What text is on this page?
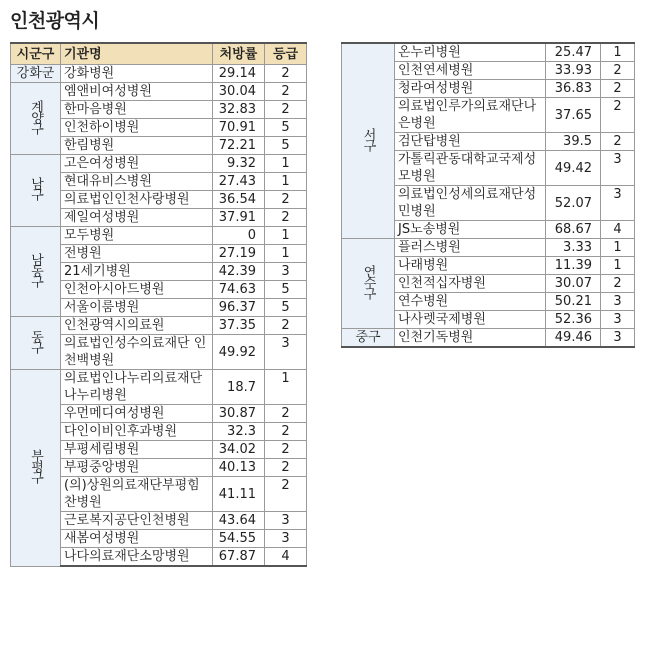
인천광역시
시군구	기관명	처방률	등급
강화군	강화병원	29.14	2
계양구	엠앤비여성병원	30.04	2
	한마음병원	32.83	2
	인천하이병원	70.91	5
	한림병원	72.21	5
남구	고은여성병원	9.32	1
	현대유비스병원	27.43	1
	의료법인인천사랑병원	36.54	2
	제일여성병원	37.91	2
남동구	모두병원	0	1
	전병원	27.19	1
	21세기병원	42.39	3
	인천아시아드병원	74.63	5
	서울이룸병원	96.37	5
동구	인천광역시의료원	37.35	2
	의료법인성수의료재단 인천백병원	49.92	3
부평구	의료법인나누리의료재단나누리병원	18.7	1
	우먼메디여성병원	30.87	2
	다인이비인후과병원	32.3	2
	부평세림병원	34.02	2
	부평중앙병원	40.13	2
	(의)상원의료재단부평힘찬병원	41.11	2
	근로복지공단인천병원	43.64	3
	새봄여성병원	54.55	3
	나다의료재단소망병원	67.87	4
서구	온누리병원	25.47	1
	인천연세병원	33.93	2
	청라여성병원	36.83	2
	의료법인루가의료재단나은병원	37.65	2
	검단탑병원	39.5	2
	가톨릭관동대학교국제성모병원	49.42	3
	의료법인성세의료재단성민병원	52.07	3
	JS노송병원	68.67	4
연수구	플러스병원	3.33	1
	나래병원	11.39	1
	인천적십자병원	30.07	2
	연수병원	50.21	3
	나사렛국제병원	52.36	3
중구	인천기독병원	49.46	3
